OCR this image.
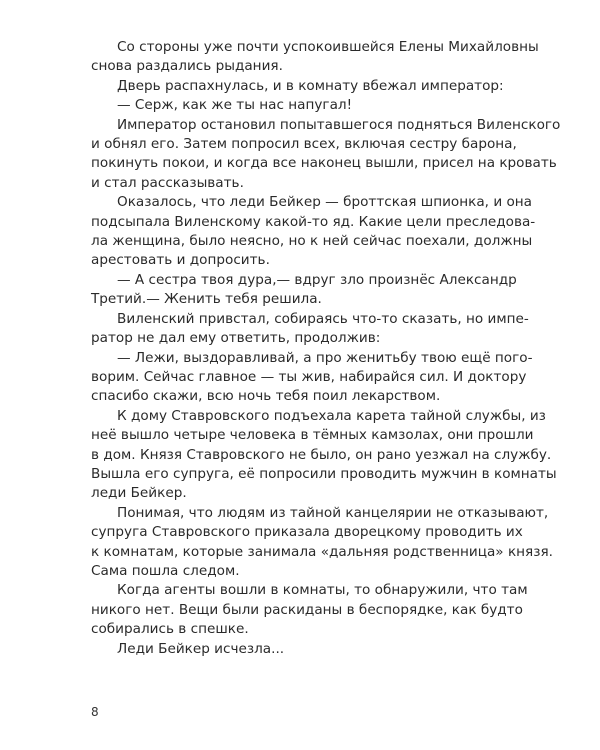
Со стороны уже почти успокоившейся Елены Михайловны
снова раздались рыдания.
Дверь распахнулась, и в комнату вбежал император:
— Серж, как же ты нас напугал!
Император остановил попытавшегося подняться Виленского
и обнял его. Затем попросил всех, включая сестру барона,
покинуть покои, и когда все наконец вышли, присел на кровать
и стал рассказывать.
Оказалось, что леди Бейкер — броттская шпионка, и она
подсыпала Виленскому какой-то яд. Какие цели преследова-
ла женщина, было неясно, но к ней сейчас поехали, должны
арестовать и допросить.
— А сестра твоя дура,— вдруг зло произнёс Александр
Третий.— Женить тебя решила.
Виленский привстал, собираясь что-то сказать, но импе-
ратор не дал ему ответить, продолжив:
— Лежи, выздоравливай, а про женитьбу твою ещё пого-
ворим. Сейчас главное — ты жив, набирайся сил. И доктору
спасибо скажи, всю ночь тебя поил лекарством.
К дому Ставровского подъехала карета тайной службы, из
неё вышло четыре человека в тёмных камзолах, они прошли
в дом. Князя Ставровского не было, он рано уезжал на службу.
Вышла его супруга, её попросили проводить мужчин в комнаты
леди Бейкер.
Понимая, что людям из тайной канцелярии не отказывают,
супруга Ставровского приказала дворецкому проводить их
к комнатам, которые занимала «дальняя родственница» князя.
Сама пошла следом.
Когда агенты вошли в комнаты, то обнаружили, что там
никого нет. Вещи были раскиданы в беспорядке, как будто
собирались в спешке.
Леди Бейкер исчезла...
8
